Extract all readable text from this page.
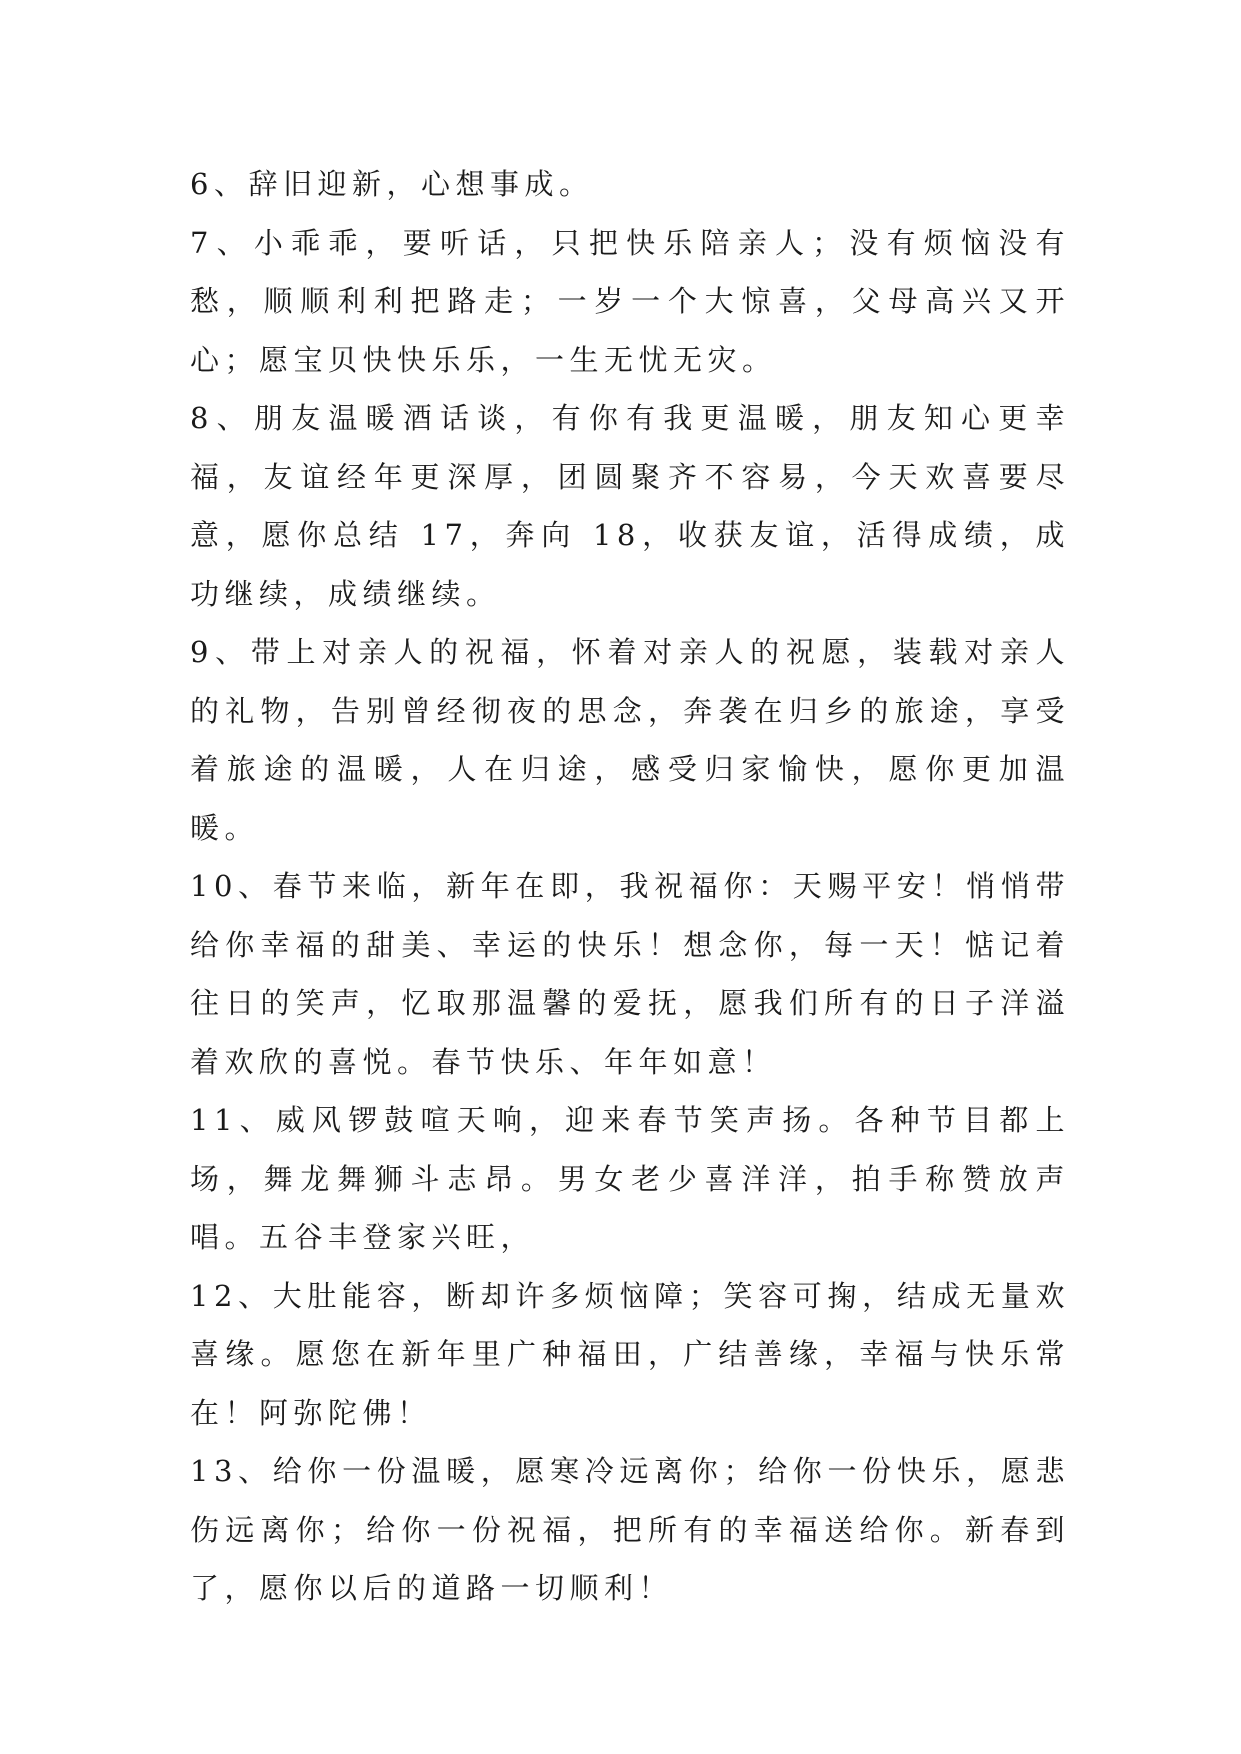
6、辞旧迎新，心想事成。

7、小乖乖，要听话，只把快乐陪亲人；没有烦恼没有愁，顺顺利利把路走；一岁一个大惊喜，父母高兴又开心；愿宝贝快快乐乐，一生无忧无灾。

8、朋友温暖酒话谈，有你有我更温暖，朋友知心更幸福，友谊经年更深厚，团圆聚齐不容易，今天欢喜要尽意，愿你总结 17，奔向 18，收获友谊，活得成绩，成功继续，成绩继续。

9、带上对亲人的祝福，怀着对亲人的祝愿，装载对亲人的礼物，告别曾经彻夜的思念，奔袭在归乡的旅途，享受着旅途的温暖，人在归途，感受归家愉快，愿你更加温暖。

10、春节来临，新年在即，我祝福你：天赐平安！悄悄带给你幸福的甜美、幸运的快乐！想念你，每一天！惦记着往日的笑声，忆取那温馨的爱抚，愿我们所有的日子洋溢着欢欣的喜悦。春节快乐、年年如意！

11、威风锣鼓喧天响，迎来春节笑声扬。各种节目都上场，舞龙舞狮斗志昂。男女老少喜洋洋，拍手称赞放声唱。五谷丰登家兴旺，

12、大肚能容，断却许多烦恼障；笑容可掬，结成无量欢喜缘。愿您在新年里广种福田，广结善缘，幸福与快乐常在！阿弥陀佛！

13、给你一份温暖，愿寒冷远离你；给你一份快乐，愿悲伤远离你；给你一份祝福，把所有的幸福送给你。新春到了，愿你以后的道路一切顺利！
